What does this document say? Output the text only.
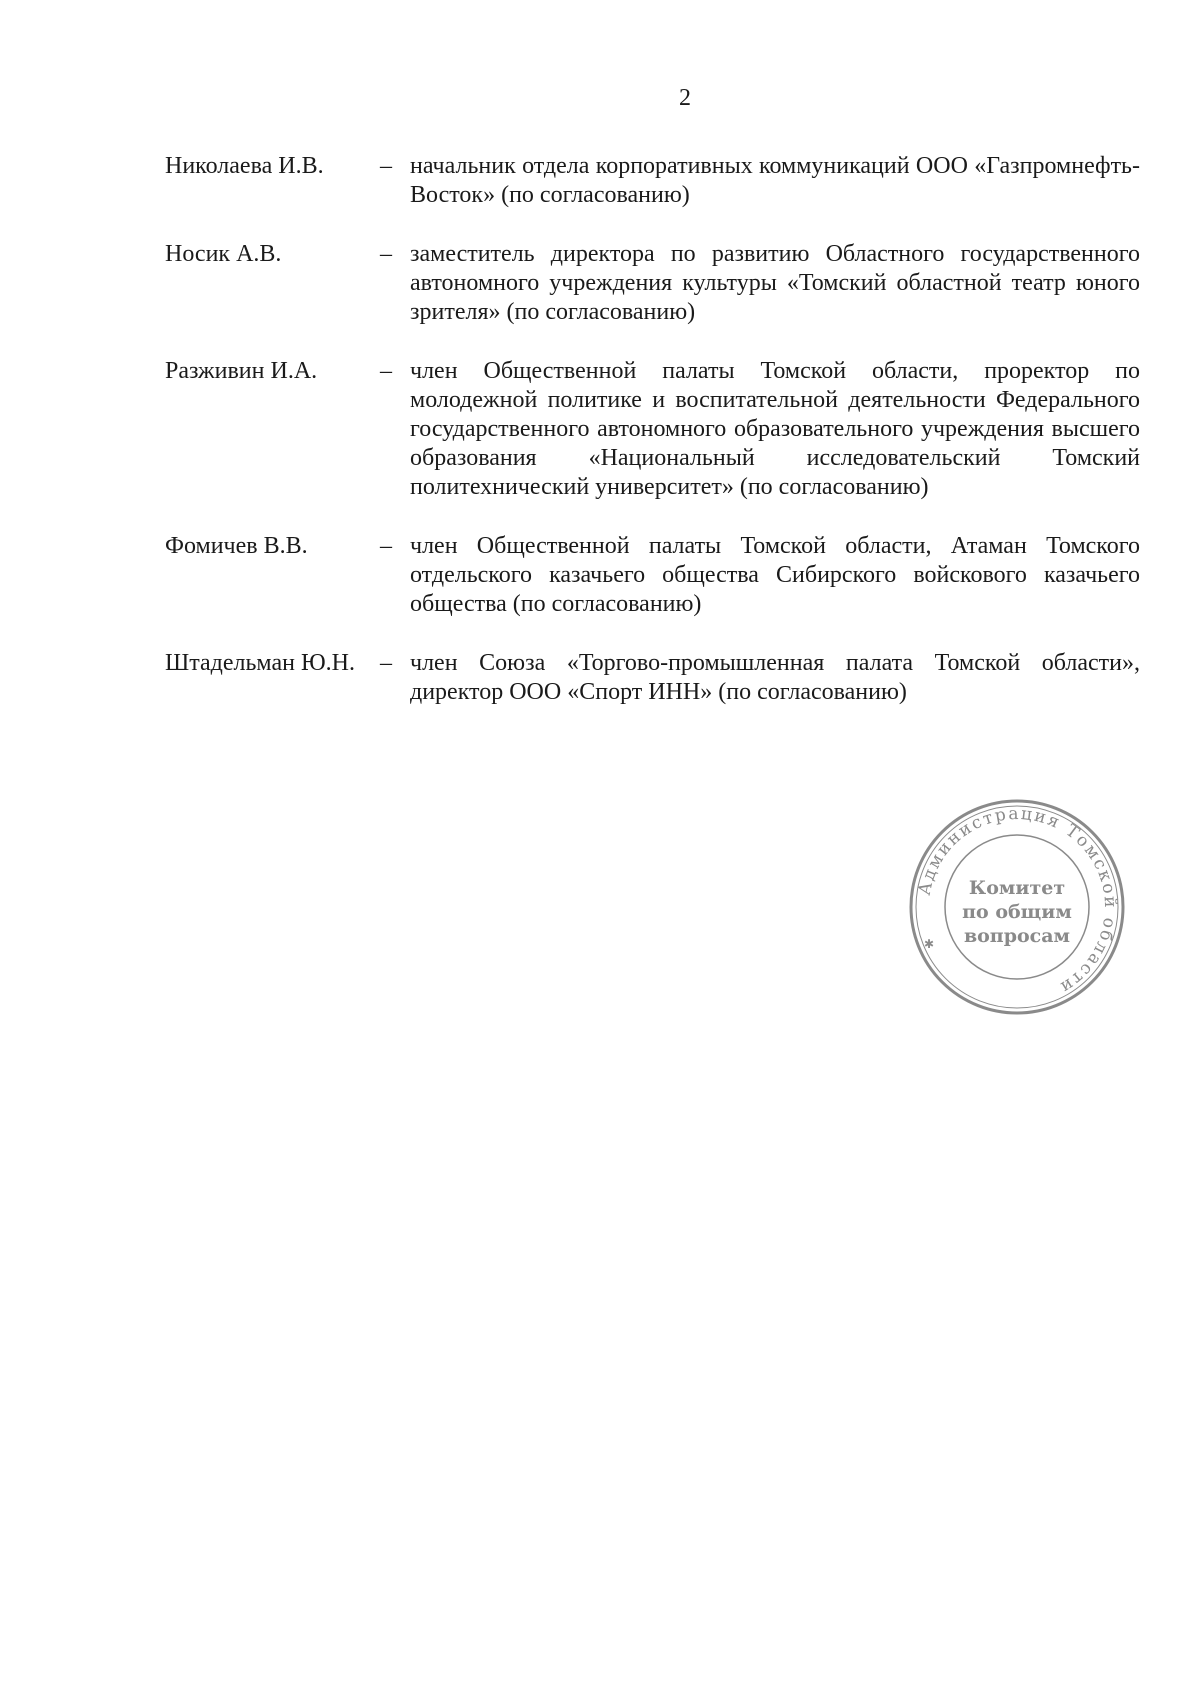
2
Николаева И.В.	– начальник отдела корпоративных коммуникаций ООО «Газпромнефть-Восток» (по согласованию)
Носик А.В.	– заместитель директора по развитию Областного государственного автономного учреждения культуры «Томский областной театр юного зрителя» (по согласованию)
Разживин И.А.	– член Общественной палаты Томской области, проректор по молодежной политике и воспитательной деятельности Федерального государственного автономного образовательного учреждения высшего образования «Национальный исследовательский Томский политехнический университет» (по согласованию)
Фомичев В.В.	– член Общественной палаты Томской области, Атаман Томского отдельского казачьего общества Сибирского войскового казачьего общества (по согласованию)
Штадельман Ю.Н.	– член Союза «Торгово-промышленная палата Томской области», директор ООО «Спорт ИНН» (по согласованию)
Администрация Томской области
✱
Комитет
по общим
вопросам
